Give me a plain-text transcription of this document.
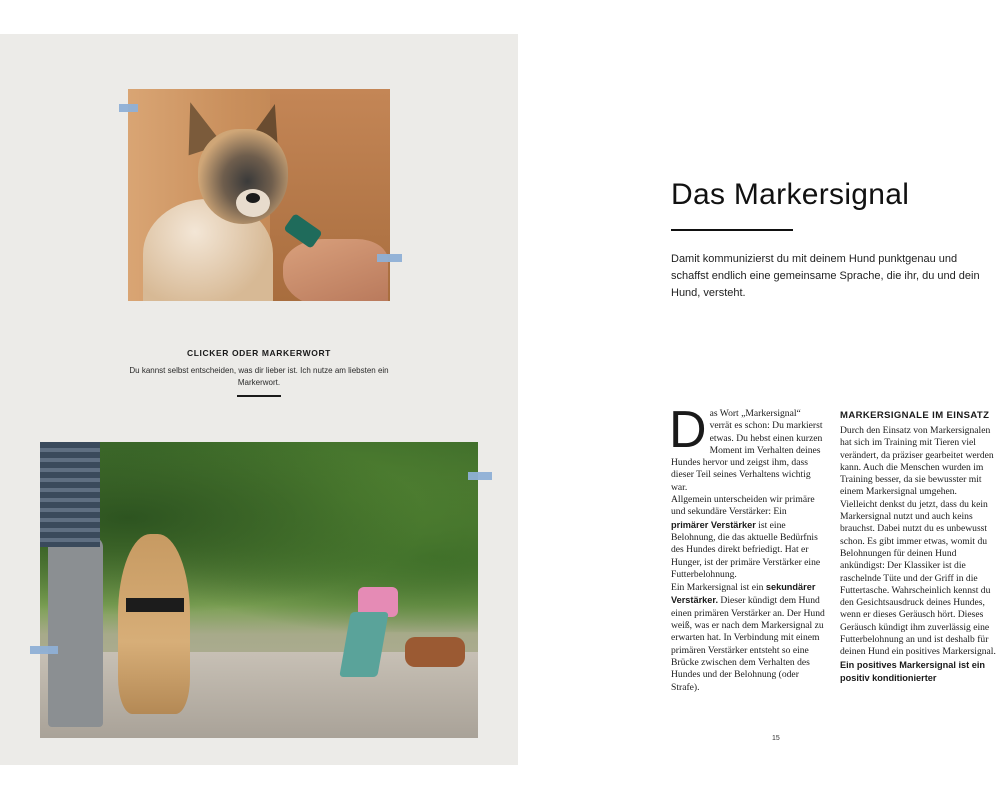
CLICKER ODER MARKERWORT
Du kannst selbst entscheiden, was dir lieber ist. Ich nutze am liebsten ein Markerwort.
Das Markersignal
Damit kommunizierst du mit deinem Hund punktgenau und schaffst endlich eine gemeinsame Sprache, die ihr, du und dein Hund, versteht.
Das Wort „Markersignal“ verrät es schon: Du markierst etwas. Du hebst einen kurzen Moment im Verhalten deines Hundes hervor und zeigst ihm, dass dieser Teil seines Verhaltens wichtig war.
Allgemein unterscheiden wir primäre und sekundäre Verstärker: Ein primärer Verstärker ist eine Belohnung, die das aktuelle Bedürfnis des Hundes direkt befriedigt. Hat er Hunger, ist der primäre Verstärker eine Futterbelohnung.
Ein Markersignal ist ein sekundärer Verstärker. Dieser kündigt dem Hund einen primären Verstärker an. Der Hund weiß, was er nach dem Markersignal zu erwarten hat. In Verbindung mit einem primären Verstärker entsteht so eine Brücke zwischen dem Verhalten des Hundes und der Belohnung (oder Strafe).
MARKERSIGNALE IM EINSATZ
Durch den Einsatz von Markersignalen hat sich im Training mit Tieren viel verändert, da präziser gearbeitet werden kann. Auch die Menschen wurden im Training besser, da sie bewusster mit einem Markersignal umgehen. Vielleicht denkst du jetzt, dass du kein Markersignal nutzt und auch keins brauchst. Dabei nutzt du es unbewusst schon. Es gibt immer etwas, womit du Belohnungen für deinen Hund ankündigst: Der Klassiker ist die raschelnde Tüte und der Griff in die Futtertasche. Wahrscheinlich kennst du den Gesichtsausdruck deines Hundes, wenn er dieses Geräusch hört. Dieses Geräusch kündigt ihm zuverlässig eine Futterbelohnung an und ist deshalb für deinen Hund ein positives Markersignal. Ein positives Markersignal ist ein positiv konditionierter
15
